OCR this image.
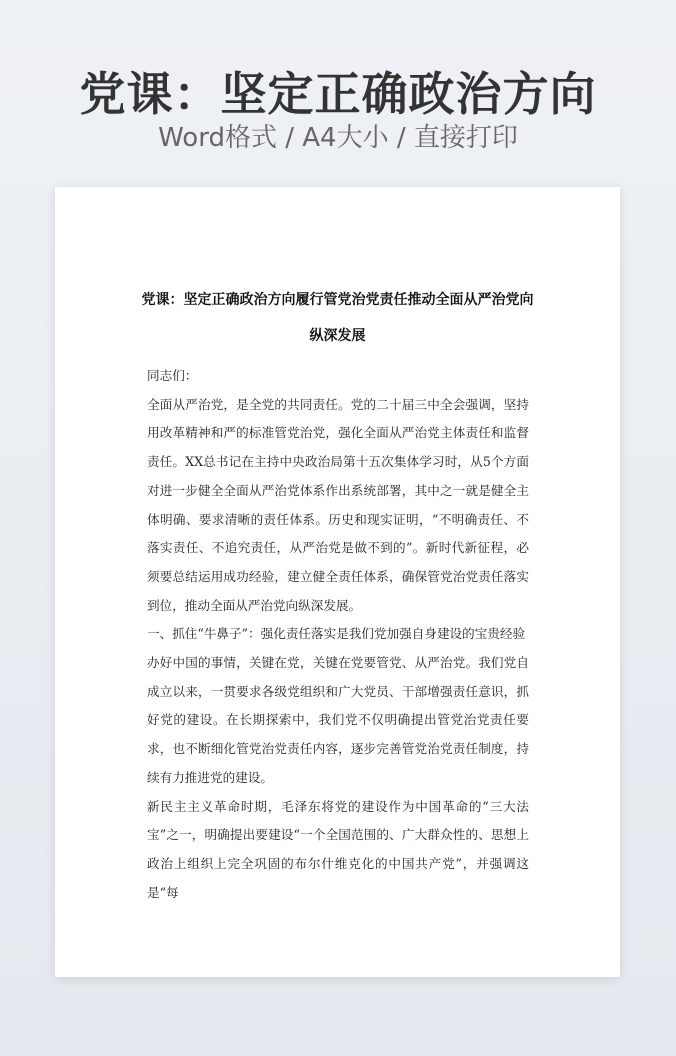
党课：坚定正确政治方向
Word格式 / A4大小 / 直接打印
党课：坚定正确政治方向履行管党治党责任推动全面从严治党向纵深发展

同志们：

全面从严治党，是全党的共同责任。党的二十届三中全会强调，坚持用改革精神和严的标准管党治党，强化全面从严治党主体责任和监督责任。XX总书记在主持中央政治局第十五次集体学习时，从5个方面对进一步健全全面从严治党体系作出系统部署，其中之一就是健全主体明确、要求清晰的责任体系。历史和现实证明，“不明确责任、不落实责任、不追究责任，从严治党是做不到的”。新时代新征程，必须要总结运用成功经验，建立健全责任体系，确保管党治党责任落实到位，推动全面从严治党向纵深发展。

一、抓住“牛鼻子”：强化责任落实是我们党加强自身建设的宝贵经验

办好中国的事情，关键在党，关键在党要管党、从严治党。我们党自成立以来，一贯要求各级党组织和广大党员、干部增强责任意识，抓好党的建设。在长期探索中，我们党不仅明确提出管党治党责任要求，也不断细化管党治党责任内容，逐步完善管党治党责任制度，持续有力推进党的建设。

新民主主义革命时期，毛泽东将党的建设作为中国革命的“三大法宝”之一，明确提出要建设“一个全国范围的、广大群众性的、思想上政治上组织上完全巩固的布尔什维克化的中国共产党”，并强调这是“每
